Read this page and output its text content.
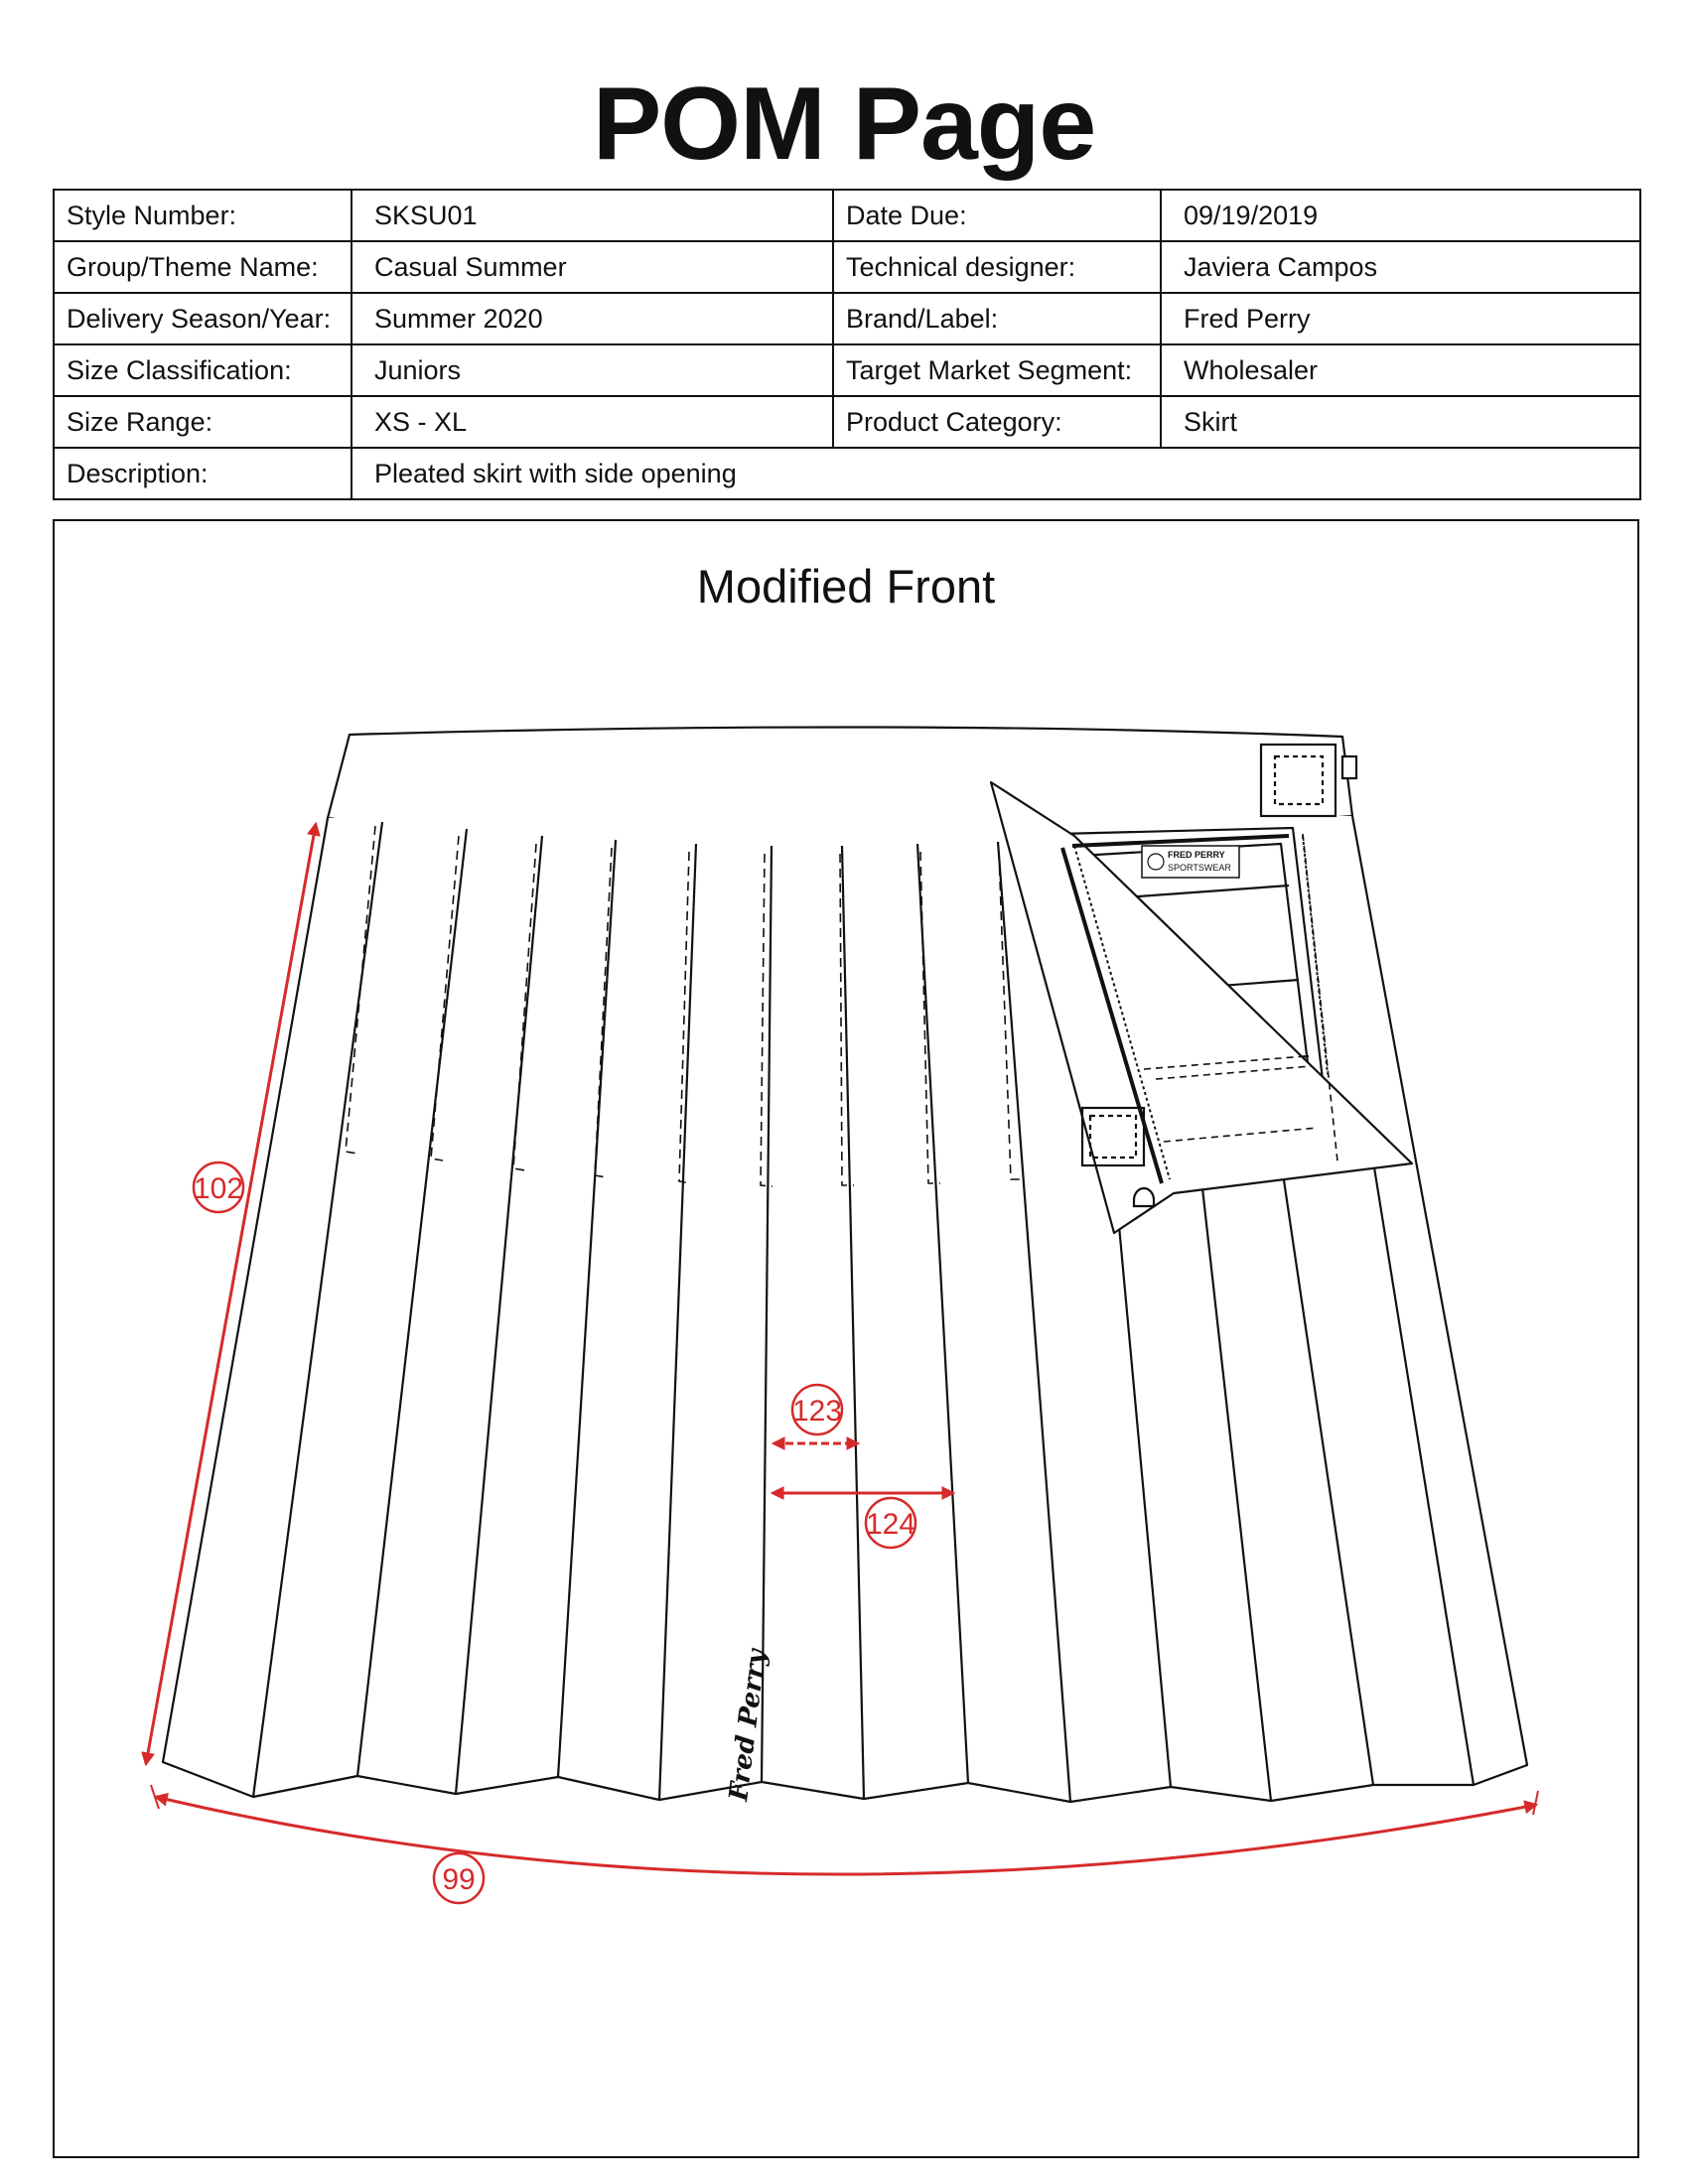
POM Page
Style Number:	SKSU01	Date Due:	09/19/2019
Group/Theme Name:	Casual Summer	Technical designer:	Javiera Campos
Delivery Season/Year:	Summer 2020	Brand/Label:	Fred Perry
Size Classification:	Juniors	Target Market Segment:	Wholesaler
Size Range:	XS - XL	Product Category:	Skirt
Description:	Pleated skirt with side opening		
Modified Front
FRED PERRY
SPORTSWEAR
Fred Perry
102
123
124
99
